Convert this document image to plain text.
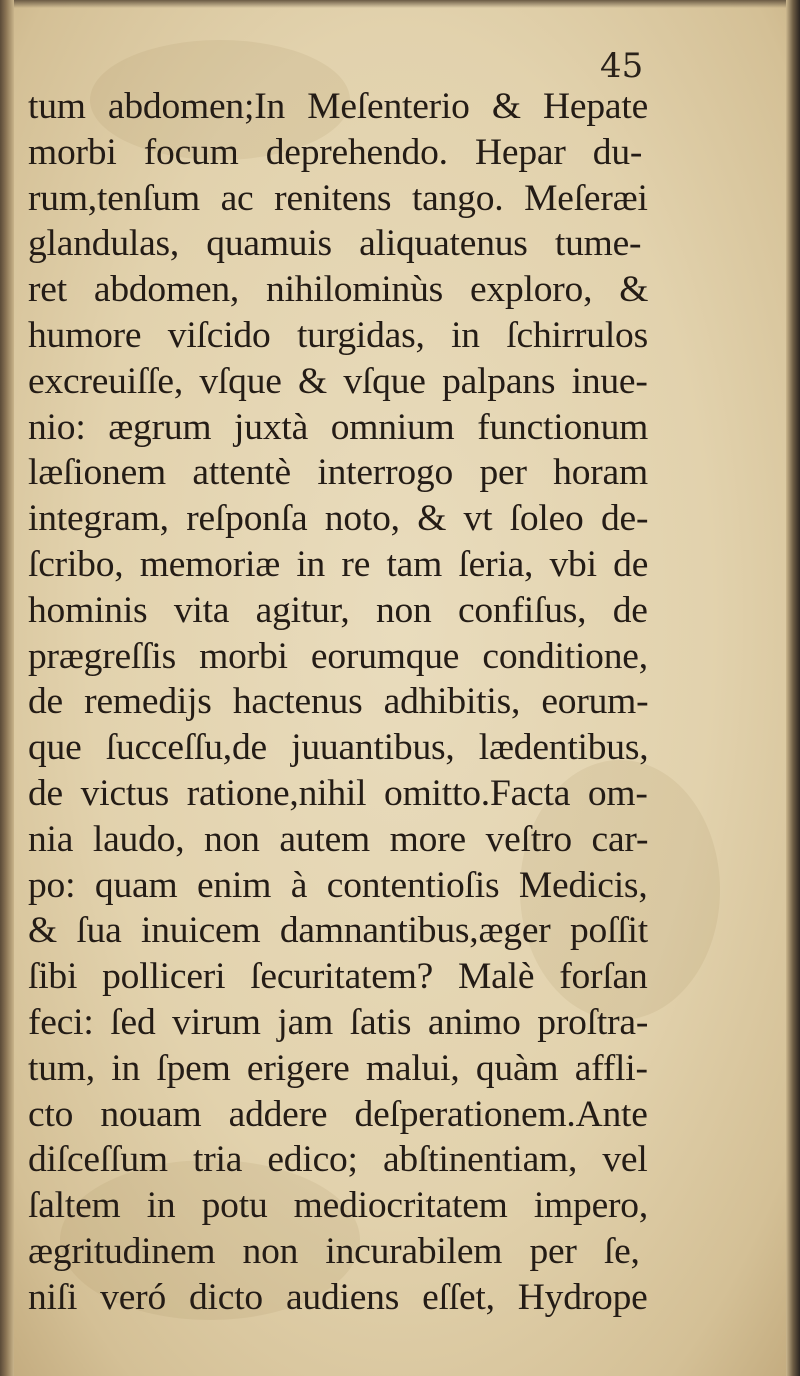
45
tum abdomen;In Meſenterio & Hepate
morbi focum deprehendo. Hepar du-
rum,tenſum ac renitens tango. Meſeræi
glandulas, quamuis aliquatenus tume-
ret abdomen, nihilominùs exploro, &
humore viſcido turgidas, in ſchirrulos
excreuiſſe, vſque & vſque palpans inue-
nio: ægrum juxtà omnium functionum
læſionem attentè interrogo per horam
integram, reſponſa noto, & vt ſoleo de-
ſcribo, memoriæ in re tam ſeria, vbi de
hominis vita agitur, non confiſus, de
prægreſſis morbi eorumque conditione,
de remedijs hactenus adhibitis, eorum-
que ſucceſſu,de juuantibus, lædentibus,
de victus ratione,nihil omitto.Facta om-
nia laudo, non autem more veſtro car-
po: quam enim à contentioſis Medicis,
& ſua inuicem damnantibus,æger poſſit
ſibi polliceri ſecuritatem? Malè forſan
feci: ſed virum jam ſatis animo proſtra-
tum, in ſpem erigere malui, quàm affli-
cto nouam addere deſperationem.Ante
diſceſſum tria edico; abſtinentiam, vel
ſaltem in potu mediocritatem impero,
ægritudinem non incurabilem per ſe,
niſi veró dicto audiens eſſet, Hydrope
